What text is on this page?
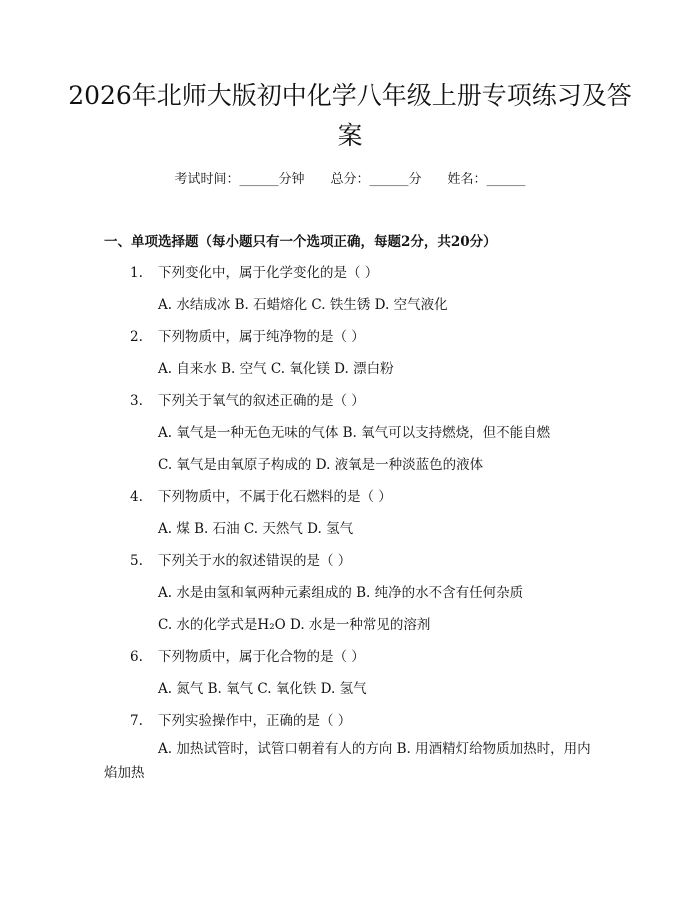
2026年北师大版初中化学八年级上册专项练习及答案
考试时间：______分钟 总分：______分 姓名：______
一、单项选择题（每小题只有一个选项正确，每题2分，共20分）
1. 下列变化中，属于化学变化的是（ ）
A. 水结成冰 B. 石蜡熔化 C. 铁生锈 D. 空气液化
2. 下列物质中，属于纯净物的是（ ）
A. 自来水 B. 空气 C. 氧化镁 D. 漂白粉
3. 下列关于氧气的叙述正确的是（ ）
A. 氧气是一种无色无味的气体 B. 氧气可以支持燃烧，但不能自燃
C. 氧气是由氧原子构成的 D. 液氧是一种淡蓝色的液体
4. 下列物质中，不属于化石燃料的是（ ）
A. 煤 B. 石油 C. 天然气 D. 氢气
5. 下列关于水的叙述错误的是（ ）
A. 水是由氢和氧两种元素组成的 B. 纯净的水不含有任何杂质
C. 水的化学式是H₂O D. 水是一种常见的溶剂
6. 下列物质中，属于化合物的是（ ）
A. 氮气 B. 氧气 C. 氧化铁 D. 氢气
7. 下列实验操作中，正确的是（ ）
A. 加热试管时，试管口朝着有人的方向 B. 用酒精灯给物质加热时，用内焰加热
